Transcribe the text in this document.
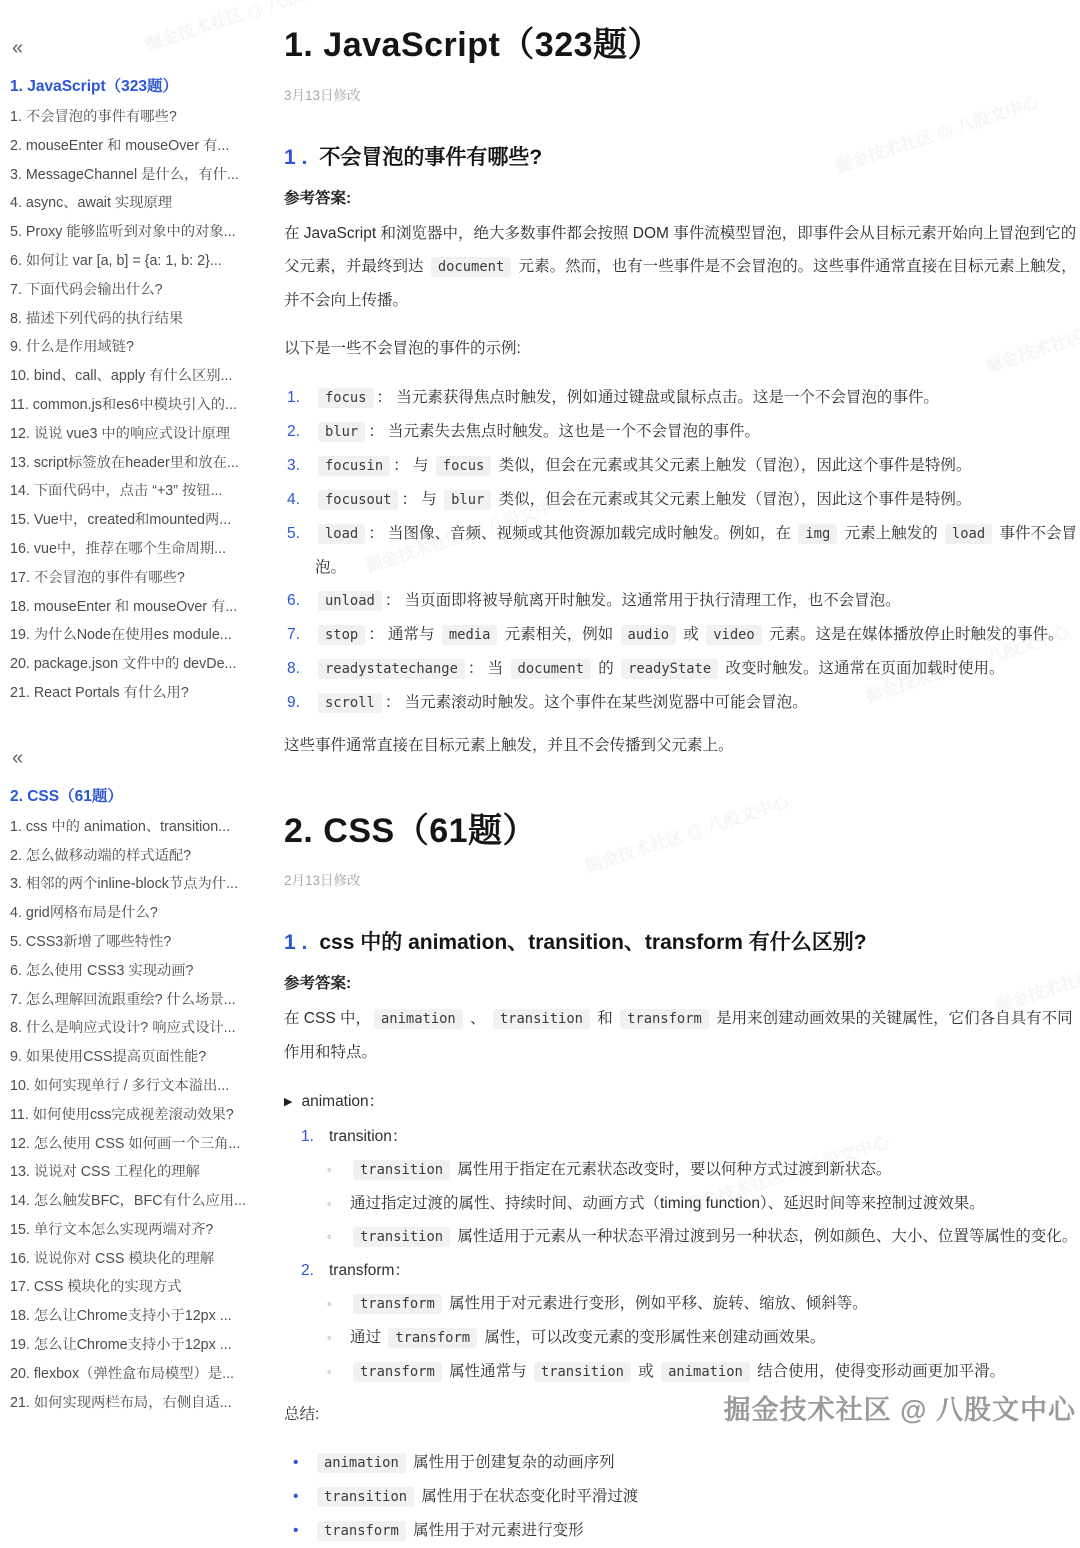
«
1. JavaScript（323题）
1. 不会冒泡的事件有哪些?
2. mouseEnter 和 mouseOver 有...
3. MessageChannel 是什么，有什...
4. async、await 实现原理
5. Proxy 能够监听到对象中的对象...
6. 如何让 var [a, b] = {a: 1, b: 2}...
7. 下面代码会输出什么?
8. 描述下列代码的执行结果
9. 什么是作用域链?
10. bind、call、apply 有什么区别...
11. common.js和es6中模块引入的...
12. 说说 vue3 中的响应式设计原理
13. script标签放在header里和放在...
14. 下面代码中，点击 “+3” 按钮...
15. Vue中，created和mounted两...
16. vue中，推荐在哪个生命周期...
17. 不会冒泡的事件有哪些?
18. mouseEnter 和 mouseOver 有...
19. 为什么Node在使用es module...
20. package.json 文件中的 devDe...
21. React Portals 有什么用?
«
2. CSS（61题）
1. css 中的 animation、transition...
2. 怎么做移动端的样式适配?
3. 相邻的两个inline-block节点为什...
4. grid网格布局是什么?
5. CSS3新增了哪些特性?
6. 怎么使用 CSS3 实现动画?
7. 怎么理解回流跟重绘? 什么场景...
8. 什么是响应式设计? 响应式设计...
9. 如果使用CSS提高页面性能?
10. 如何实现单行 / 多行文本溢出...
11. 如何使用css完成视差滚动效果?
12. 怎么使用 CSS 如何画一个三角...
13. 说说对 CSS 工程化的理解
14. 怎么触发BFC，BFC有什么应用...
15. 单行文本怎么实现两端对齐?
16. 说说你对 CSS 模块化的理解
17. CSS 模块化的实现方式
18. 怎么让Chrome支持小于12px ...
19. 怎么让Chrome支持小于12px ...
20. flexbox（弹性盒布局模型）是...
21. 如何实现两栏布局，右侧自适...
1. JavaScript（323题）
3月13日修改
1 . 不会冒泡的事件有哪些?
参考答案:

在 JavaScript 和浏览器中，绝大多数事件都会按照 DOM 事件流模型冒泡，即事件会从目标元素开始向上冒泡到它的父元素，并最终到达 document 元素。然而，也有一些事件是不会冒泡的。这些事件通常直接在目标元素上触发，并不会向上传播。

以下是一些不会冒泡的事件的示例:

1. focus ： 当元素获得焦点时触发，例如通过键盘或鼠标点击。这是一个不会冒泡的事件。
2. blur ： 当元素失去焦点时触发。这也是一个不会冒泡的事件。
3. focusin ： 与 focus 类似，但会在元素或其父元素上触发（冒泡），因此这个事件是特例。
4. focusout ： 与 blur 类似，但会在元素或其父元素上触发（冒泡），因此这个事件是特例。
5. load ： 当图像、音频、视频或其他资源加载完成时触发。例如，在 img 元素上触发的 load 事件不会冒泡。
6. unload ： 当页面即将被导航离开时触发。这通常用于执行清理工作，也不会冒泡。
7. stop ： 通常与 media 元素相关，例如 audio 或 video 元素。这是在媒体播放停止时触发的事件。
8. readystatechange ： 当 document 的 readyState 改变时触发。这通常在页面加载时使用。
9. scroll ： 当元素滚动时触发。这个事件在某些浏览器中可能会冒泡。

这些事件通常直接在目标元素上触发，并且不会传播到父元素上。

2. CSS（61题）
2月13日修改
1 . css 中的 animation、transition、transform 有什么区别?
参考答案:

在 CSS 中， animation 、 transition 和 transform 是用来创建动画效果的关键属性，它们各自具有不同作用和特点。

▶ animation：
1. transition：
◦ transition 属性用于指定在元素状态改变时，要以何种方式过渡到新状态。
◦ 通过指定过渡的属性、持续时间、动画方式（timing function）、延迟时间等来控制过渡效果。
◦ transition 属性适用于元素从一种状态平滑过渡到另一种状态，例如颜色、大小、位置等属性的变化。
2. transform：
◦ transform 属性用于对元素进行变形，例如平移、旋转、缩放、倾斜等。
◦ 通过 transform 属性，可以改变元素的变形属性来创建动画效果。
◦ transform 属性通常与 transition 或 animation 结合使用，使得变形动画更加平滑。

总结:

• animation 属性用于创建复杂的动画序列
• transition 属性用于在状态变化时平滑过渡
• transform 属性用于对元素进行变形
掘金技术社区 @ 八股文中心
